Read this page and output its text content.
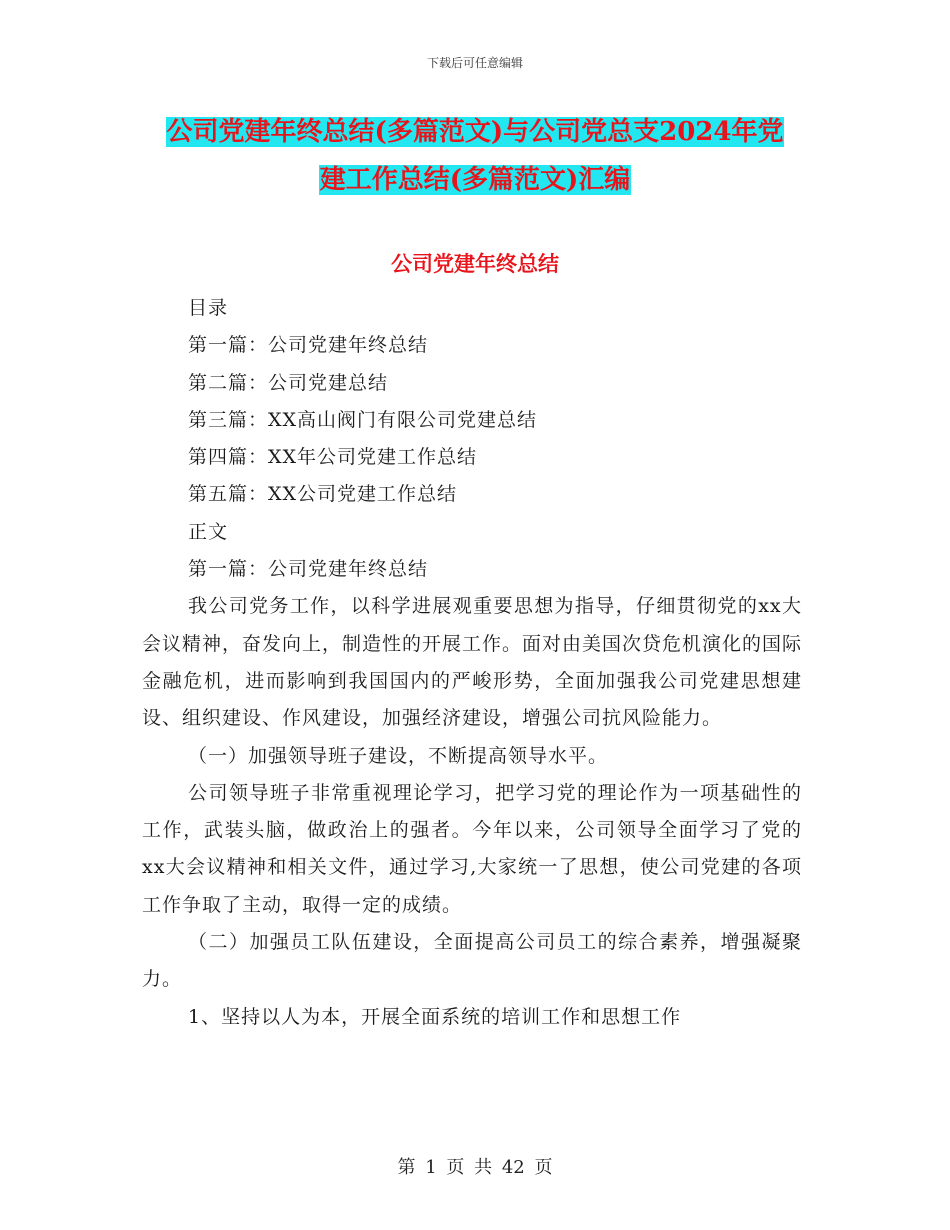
下载后可任意编辑
公司党建年终总结(多篇范文)与公司党总支2024年党
建工作总结(多篇范文)汇编
公司党建年终总结
目录
第一篇：公司党建年终总结
第二篇：公司党建总结
第三篇：XX高山阀门有限公司党建总结
第四篇：XX年公司党建工作总结
第五篇：XX公司党建工作总结
正文
第一篇：公司党建年终总结
我公司党务工作，以科学进展观重要思想为指导，仔细贯彻党的xx大会议精神，奋发向上，制造性的开展工作。面对由美国次贷危机演化的国际金融危机，进而影响到我国国内的严峻形势，全面加强我公司党建思想建设、组织建设、作风建设，加强经济建设，增强公司抗风险能力。
（一）加强领导班子建设，不断提高领导水平。
公司领导班子非常重视理论学习，把学习党的理论作为一项基础性的工作，武装头脑，做政治上的强者。今年以来，公司领导全面学习了党的xx大会议精神和相关文件，通过学习,大家统一了思想，使公司党建的各项工作争取了主动，取得一定的成绩。
（二）加强员工队伍建设，全面提高公司员工的综合素养，增强凝聚力。
1、坚持以人为本，开展全面系统的培训工作和思想工作
第 1 页 共 42 页
